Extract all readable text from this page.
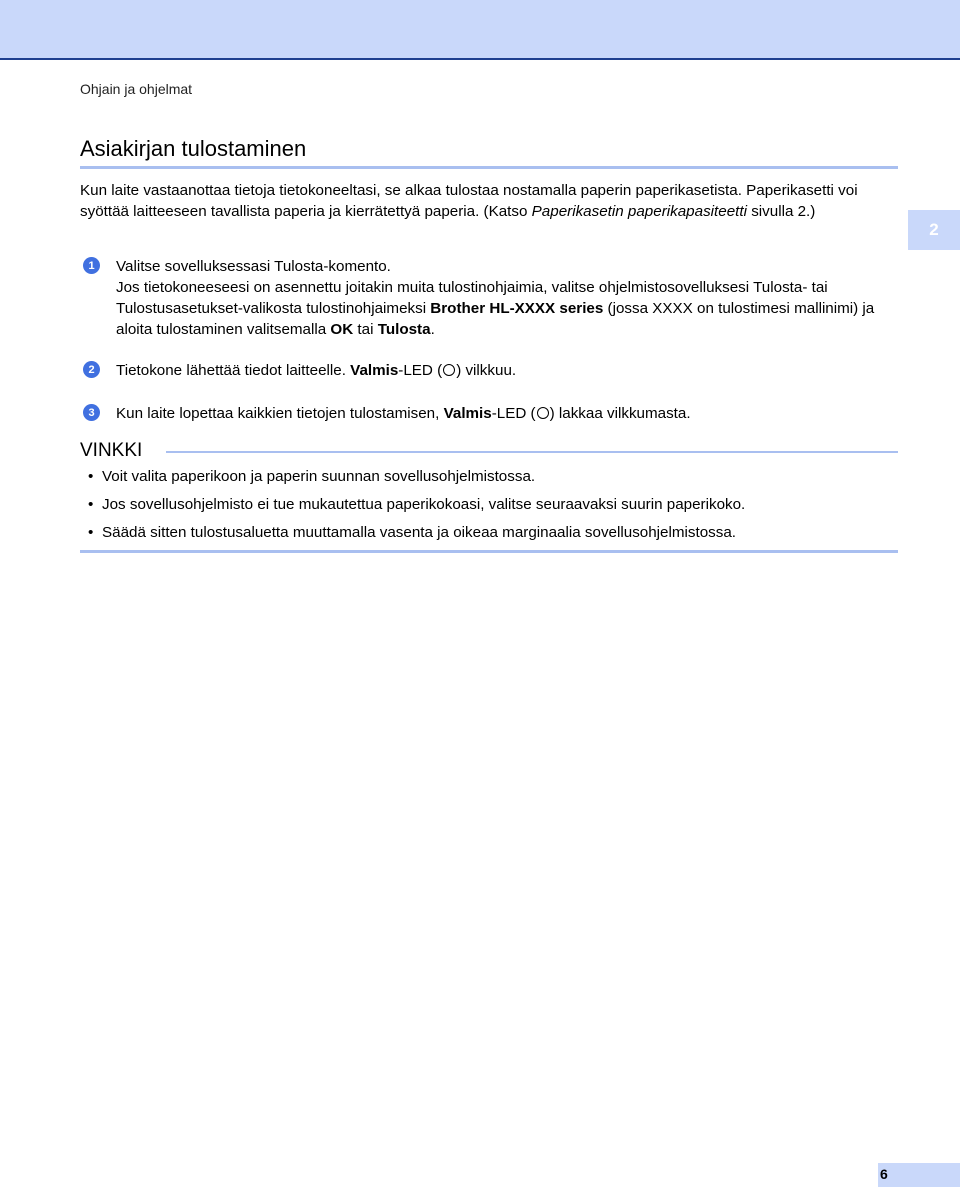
Ohjain ja ohjelmat
Asiakirjan tulostaminen

Kun laite vastaanottaa tietoja tietokoneeltasi, se alkaa tulostaa nostamalla paperin paperikasetista. Paperikasetti voi syöttää laitteeseen tavallista paperia ja kierrätettyä paperia. (Katso Paperikasetin paperikapasiteetti sivulla 2.)

2
1	Valitse sovelluksessasi Tulosta-komento.
Jos tietokoneeseesi on asennettu joitakin muita tulostinohjaimia, valitse ohjelmistosovelluksesi Tulosta- tai Tulostusasetukset-valikosta tulostinohjaimeksi Brother HL-XXXX series (jossa XXXX on tulostimesi mallinimi) ja aloita tulostaminen valitsemalla OK tai Tulosta.

2	Tietokone lähettää tiedot laitteelle. Valmis-LED ( ) vilkkuu.

3	Kun laite lopettaa kaikkien tietojen tulostamisen, Valmis-LED ( ) lakkaa vilkkumasta.

VINKKI
• Voit valita paperikoon ja paperin suunnan sovellusohjelmistossa.
• Jos sovellusohjelmisto ei tue mukautettua paperikokoasi, valitse seuraavaksi suurin paperikoko.
• Säädä sitten tulostusaluetta muuttamalla vasenta ja oikeaa marginaalia sovellusohjelmistossa.
6
